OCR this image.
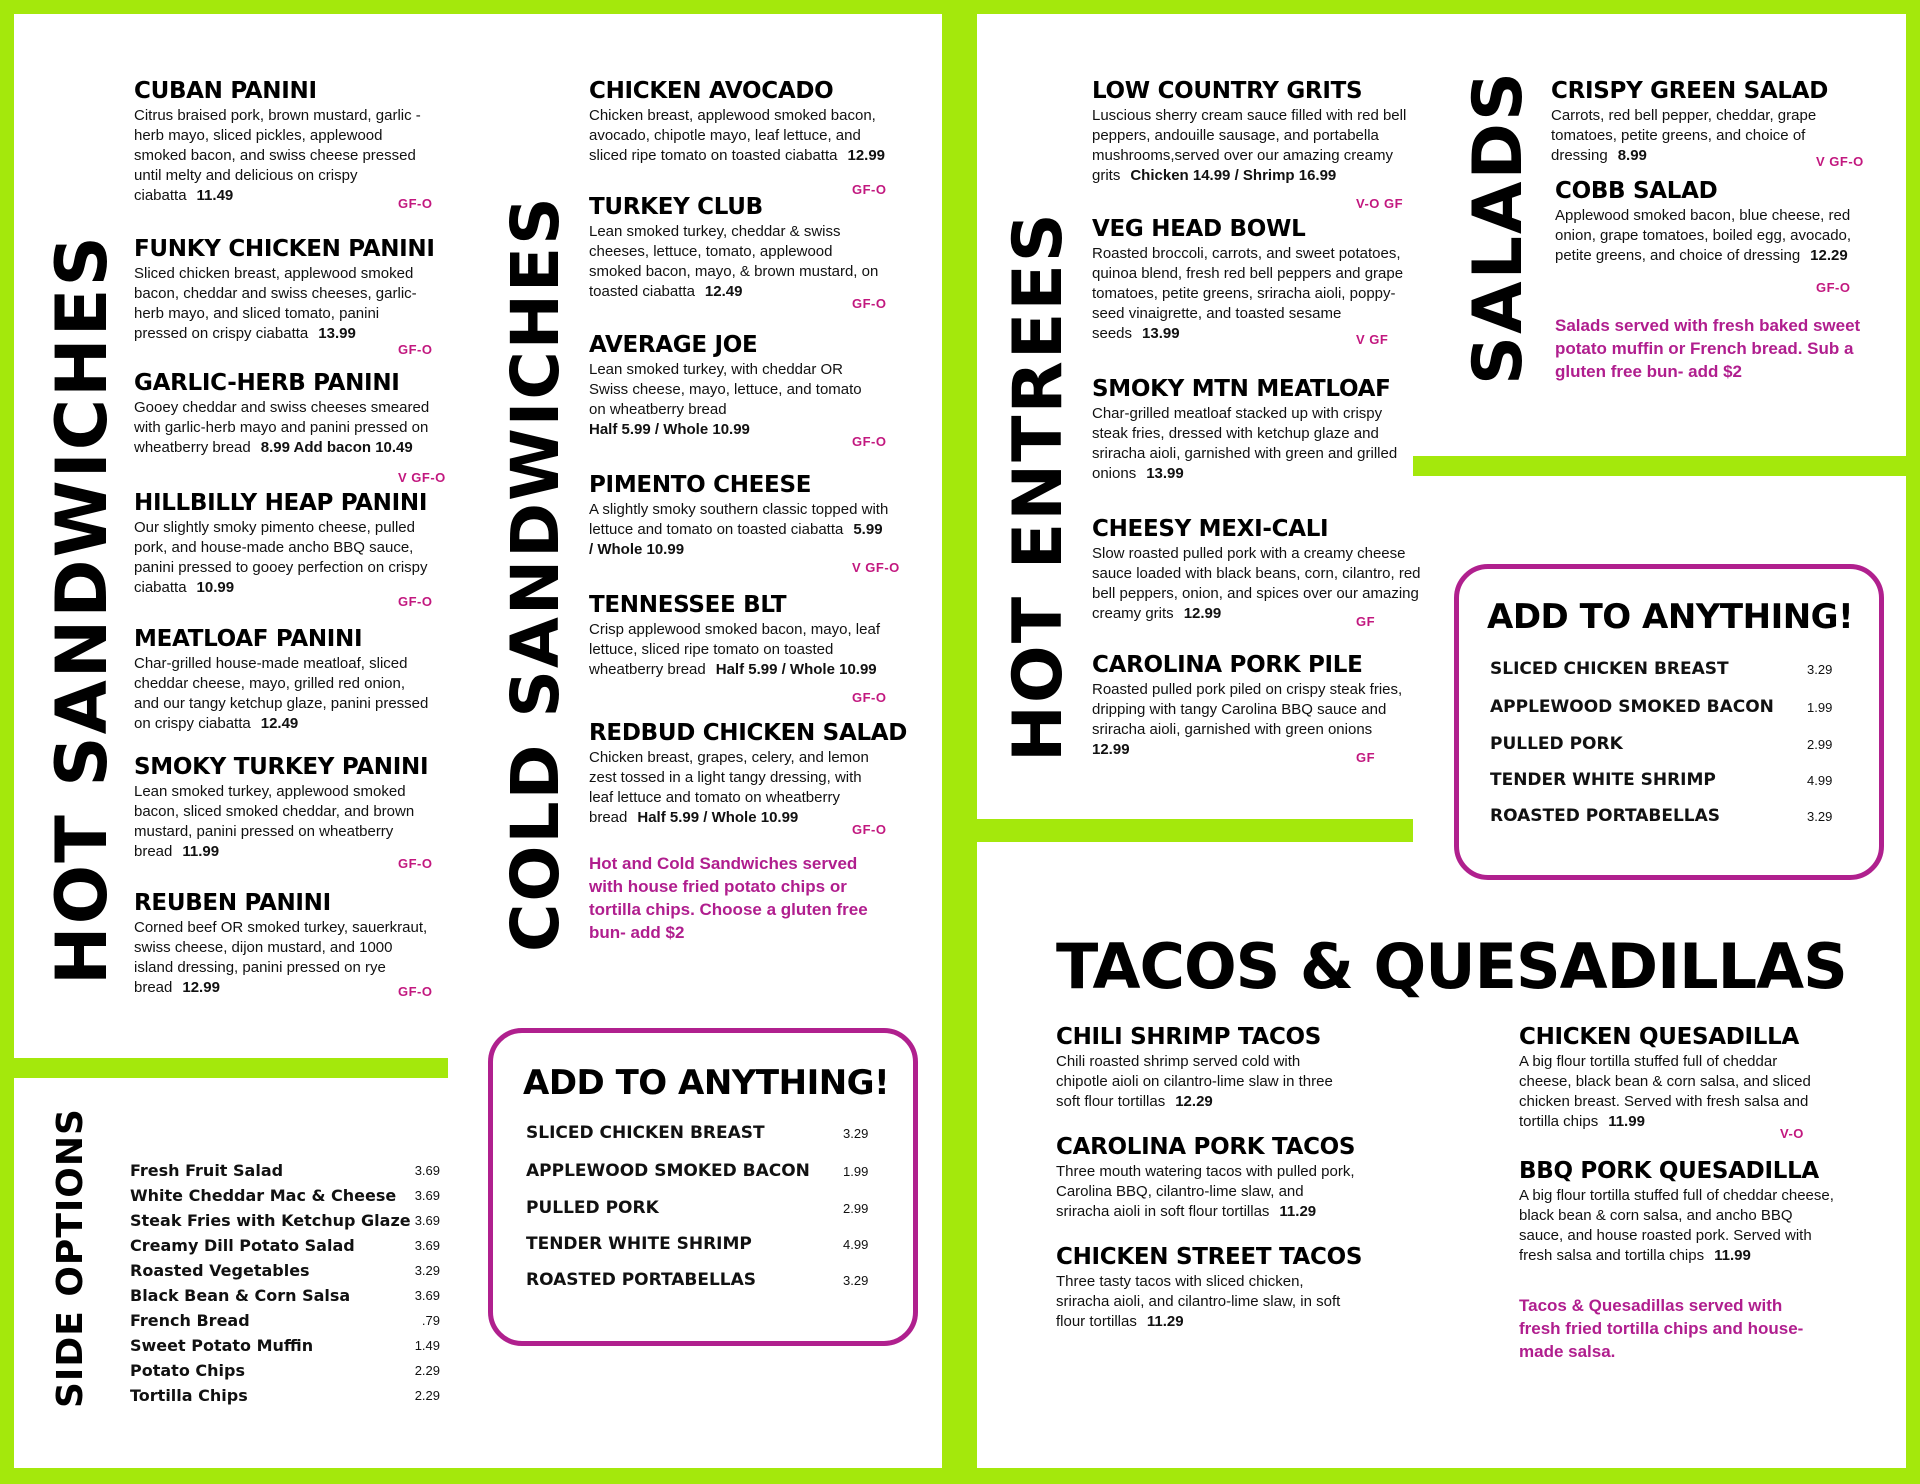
HOT SANDWICHES	COLD SANDWICHES	HOT ENTREES	SALADS
SIDE OPTIONS
CUBAN PANINI
Citrus braised pork, brown mustard, garlic -herb mayo, sliced pickles, applewood smoked bacon, and swiss cheese pressed until melty and delicious on crispy ciabatta 11.49	GF-O
FUNKY CHICKEN PANINI
Sliced chicken breast, applewood smoked bacon, cheddar and swiss cheeses, garlic-herb mayo, and sliced tomato, panini pressed on crispy ciabatta 13.99
GF-O
GARLIC-HERB PANINI
Gooey cheddar and swiss cheeses smeared with garlic-herb mayo and panini pressed on wheatberry bread 8.99 Add bacon 10.49
V GF-O
HILLBILLY HEAP PANINI
Our slightly smoky pimento cheese, pulled pork, and house-made ancho BBQ sauce, panini pressed to gooey perfection on crispy ciabatta 10.99
GF-O
MEATLOAF PANINI
Char-grilled house-made meatloaf, sliced cheddar cheese, mayo, grilled red onion, and our tangy ketchup glaze, panini pressed on crispy ciabatta 12.49
SMOKY TURKEY PANINI
Lean smoked turkey, applewood smoked bacon, sliced smoked cheddar, and brown mustard, panini pressed on wheatberry bread 11.99
GF-O
REUBEN PANINI
Corned beef OR smoked turkey, sauerkraut, swiss cheese, dijon mustard, and 1000 island dressing, panini pressed on rye bread 12.99	GF-O
CHICKEN AVOCADO
Chicken breast, applewood smoked bacon, avocado, chipotle mayo, leaf lettuce, and sliced ripe tomato on toasted ciabatta 12.99
GF-O
TURKEY CLUB
Lean smoked turkey, cheddar & swiss cheeses, lettuce, tomato, applewood smoked bacon, mayo, & brown mustard, on toasted ciabatta 12.49
GF-O
AVERAGE JOE
Lean smoked turkey, with cheddar OR Swiss cheese, mayo, lettuce, and tomato on wheatberry bread
Half 5.99 / Whole 10.99
GF-O
PIMENTO CHEESE
A slightly smoky southern classic topped with lettuce and tomato on toasted ciabatta 5.99 / Whole 10.99
V GF-O
TENNESSEE BLT
Crisp applewood smoked bacon, mayo, leaf lettuce, sliced ripe tomato on toasted wheatberry bread Half 5.99 / Whole 10.99
GF-O
REDBUD CHICKEN SALAD
Chicken breast, grapes, celery, and lemon zest tossed in a light tangy dressing, with leaf lettuce and tomato on wheatberry bread Half 5.99 / Whole 10.99
GF-O
Hot and Cold Sandwiches served with house fried potato chips or tortilla chips. Choose a gluten free bun- add $2
ADD TO ANYTHING!
SLICED CHICKEN BREAST	3.29
APPLEWOOD SMOKED BACON	1.99
PULLED PORK	2.99
TENDER WHITE SHRIMP	4.99
ROASTED PORTABELLAS	3.29
Fresh Fruit Salad	3.69
White Cheddar Mac & Cheese 3.69
Steak Fries with Ketchup Glaze 3.69
Creamy Dill Potato Salad	3.69
Roasted Vegetables	3.29
Black Bean & Corn Salsa	3.69
French Bread	.79
Sweet Potato Muffin	1.49
Potato Chips	2.29
Tortilla Chips	2.29
LOW COUNTRY GRITS
Luscious sherry cream sauce filled with red bell peppers, andouille sausage, and portabella mushrooms,served over our amazing creamy grits Chicken 14.99 / Shrimp 16.99
V-O GF
VEG HEAD BOWL
Roasted broccoli, carrots, and sweet potatoes, quinoa blend, fresh red bell peppers and grape tomatoes, petite greens, sriracha aioli, poppy-seed vinaigrette, and toasted sesame seeds 13.99	V GF
SMOKY MTN MEATLOAF
Char-grilled meatloaf stacked up with crispy steak fries, dressed with ketchup glaze and sriracha aioli, garnished with green and grilled onions 13.99
CHEESY MEXI-CALI
Slow roasted pulled pork with a creamy cheese sauce loaded with black beans, corn, cilantro, red bell peppers, onion, and spices over our amazing creamy grits 12.99	GF
CAROLINA PORK PILE
Roasted pulled pork piled on crispy steak fries, dripping with tangy Carolina BBQ sauce and sriracha aioli, garnished with green onions
12.99	GF
CRISPY GREEN SALAD
Carrots, red bell pepper, cheddar, grape tomatoes, petite greens, and choice of dressing 8.99	V GF-O
COBB SALAD
Applewood smoked bacon, blue cheese, red onion, grape tomatoes, boiled egg, avocado, petite greens, and choice of dressing 12.29
GF-O
Salads served with fresh baked sweet potato muffin or French bread. Sub a gluten free bun- add $2
ADD TO ANYTHING!
SLICED CHICKEN BREAST	3.29
APPLEWOOD SMOKED BACON	1.99
PULLED PORK	2.99
TENDER WHITE SHRIMP	4.99
ROASTED PORTABELLAS	3.29
TACOS & QUESADILLAS
CHILI SHRIMP TACOS
Chili roasted shrimp served cold with chipotle aioli on cilantro-lime slaw in three soft flour tortillas 12.29
CAROLINA PORK TACOS
Three mouth watering tacos with pulled pork, Carolina BBQ, cilantro-lime slaw, and sriracha aioli in soft flour tortillas 11.29
CHICKEN STREET TACOS
Three tasty tacos with sliced chicken, sriracha aioli, and cilantro-lime slaw, in soft flour tortillas 11.29
CHICKEN QUESADILLA
A big flour tortilla stuffed full of cheddar cheese, black bean & corn salsa, and sliced chicken breast. Served with fresh salsa and tortilla chips 11.99
V-O
BBQ PORK QUESADILLA
A big flour tortilla stuffed full of cheddar cheese, black bean & corn salsa, and ancho BBQ sauce, and house roasted pork. Served with fresh salsa and tortilla chips 11.99
Tacos & Quesadillas served with fresh fried tortilla chips and house-made salsa.
